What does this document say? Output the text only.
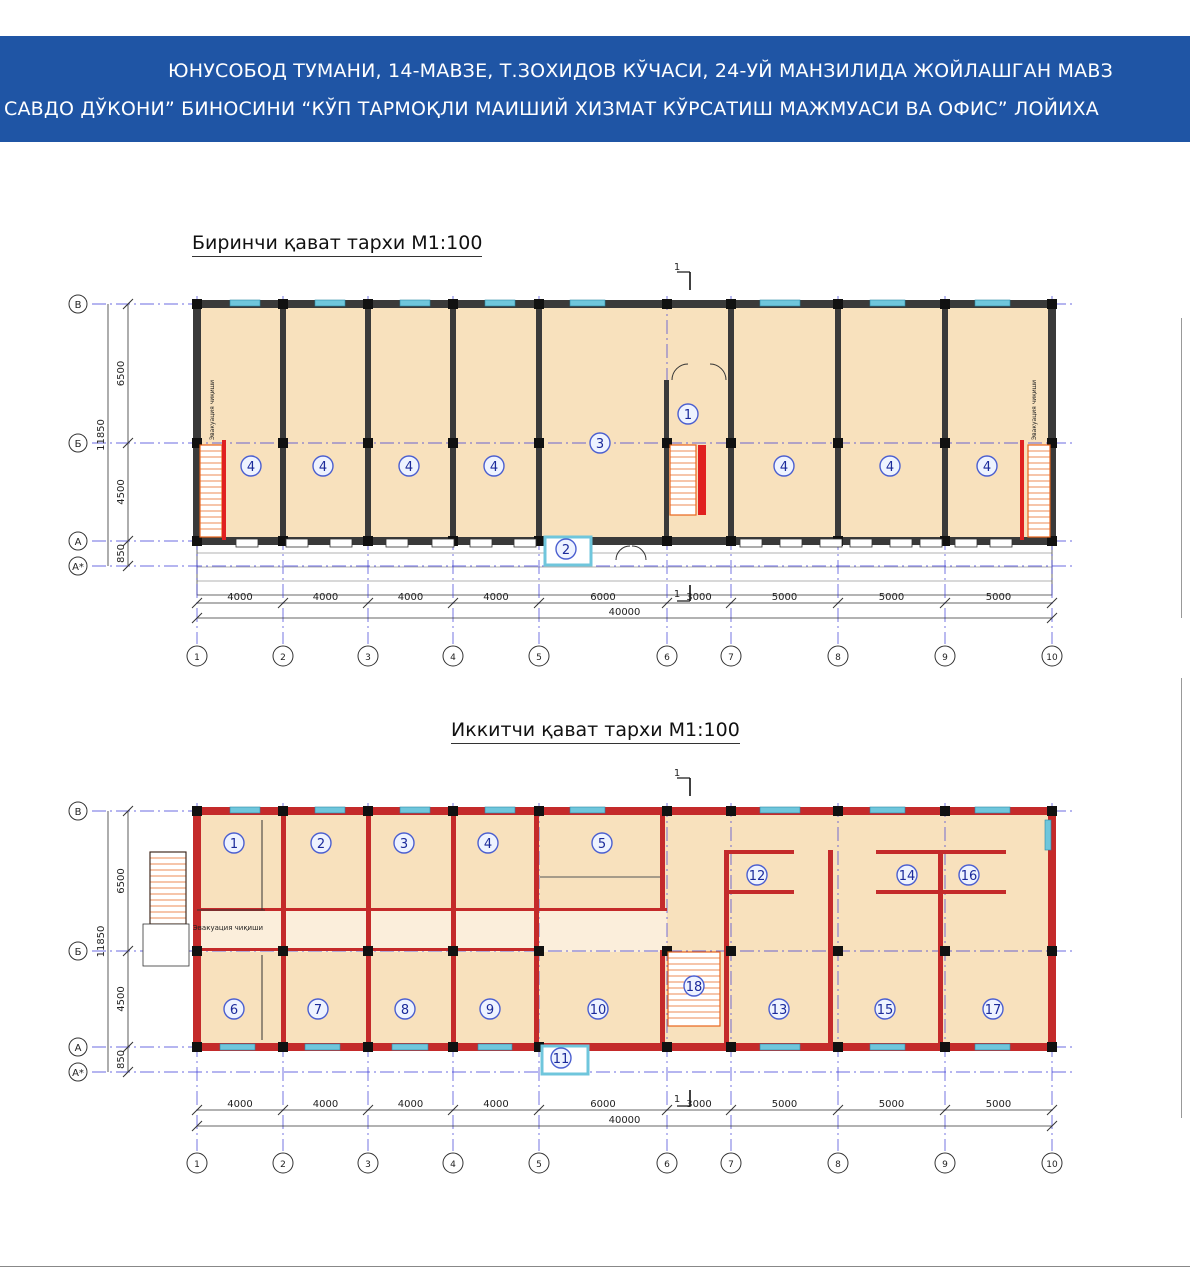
ЮНУСОБОД ТУМАНИ, 14-МАВЗЕ, Т.ЗОХИДОВ КЎЧАСИ, 24-УЙ МАНЗИЛИДА ЖОЙЛАШГАН МАВЗ
САВДО ДЎКОНИ” БИНОСИНИ “КЎП ТАРМОҚЛИ МАИШИЙ ХИЗМАТ КЎРСАТИШ МАЖМУАСИ ВА ОФИС” ЛОЙИХА
Биринчи қават тархи М1:100
Иккитчи қават тархи М1:100
Эвакуация чиқиши	Эвакуация чиқиши
4	4	4	4
3
1
4	4	4
2
6500
4500
850
11850
В
Б
А
А*
1
1
4000	4000	4000	4000	6000	3000	5000	5000	5000
40000
1	2	3	4	5	6	7	8	9	10
Эвакуация чиқиши
1	2	3	4	5
12	14	16
6	7	8	9	10
18
13	15	17
11
6500
4500
850
11850
В
Б
А
А*
1
1
4000	4000	4000	4000	6000	3000	5000	5000	5000
40000
1	2	3	4	5	6	7	8	9	10
